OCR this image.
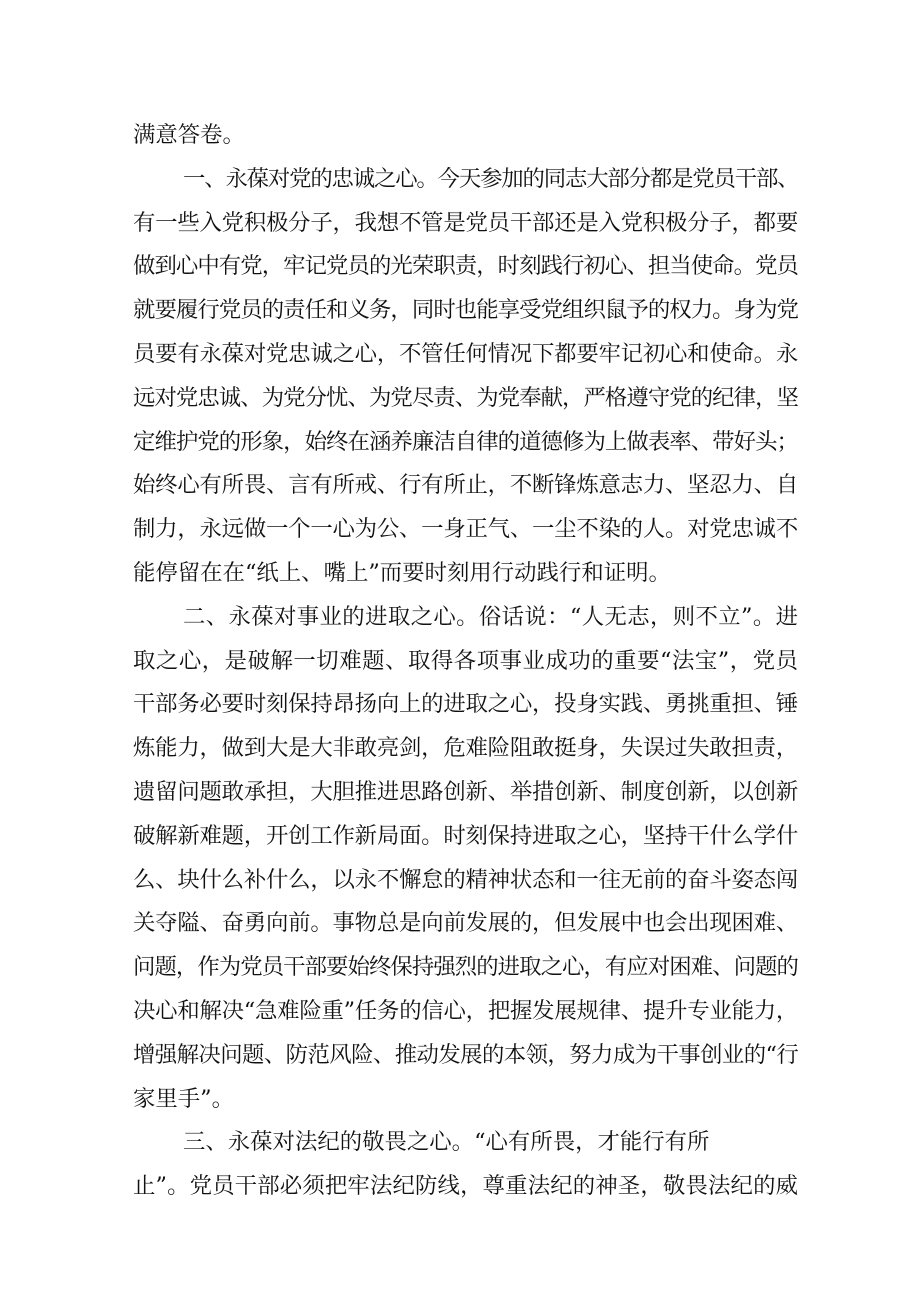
满意答卷。
一、永葆对党的忠诚之心。今天参加的同志大部分都是党员干部、
有一些入党积极分子，我想不管是党员干部还是入党积极分子，都要
做到心中有党，牢记党员的光荣职责，时刻践行初心、担当使命。党员
就要履行党员的责任和义务，同时也能享受党组织鼠予的权力。身为党
员要有永葆对党忠诚之心，不管任何情况下都要牢记初心和使命。永
远对党忠诚、为党分忧、为党尽责、为党奉献，严格遵守党的纪律，坚
定维护党的形象，始终在涵养廉洁自律的道德修为上做表率、带好头；
始终心有所畏、言有所戒、行有所止，不断锋炼意志力、坚忍力、自
制力，永远做一个一心为公、一身正气、一尘不染的人。对党忠诚不
能停留在在“纸上、嘴上”而要时刻用行动践行和证明。
二、永葆对事业的进取之心。俗话说：“人无志，则不立”。进
取之心，是破解一切难题、取得各项事业成功的重要“法宝”，党员
干部务必要时刻保持昂扬向上的进取之心，投身实践、勇挑重担、锤
炼能力，做到大是大非敢亮剑，危难险阻敢挺身，失误过失敢担责，
遗留问题敢承担，大胆推进思路创新、举措创新、制度创新，以创新
破解新难题，开创工作新局面。时刻保持进取之心，坚持干什么学什
么、块什么补什么，以永不懈怠的精神状态和一往无前的奋斗姿态闯
关夺隘、奋勇向前。事物总是向前发展的，但发展中也会出现困难、
问题，作为党员干部要始终保持强烈的进取之心，有应对困难、问题的
决心和解决“急难险重”任务的信心，把握发展规律、提升专业能力，
增强解决问题、防范风险、推动发展的本领，努力成为干事创业的“行
家里手”。
三、永葆对法纪的敬畏之心。“心有所畏，才能行有所
止”。党员干部必须把牢法纪防线，尊重法纪的神圣，敬畏法纪的威
